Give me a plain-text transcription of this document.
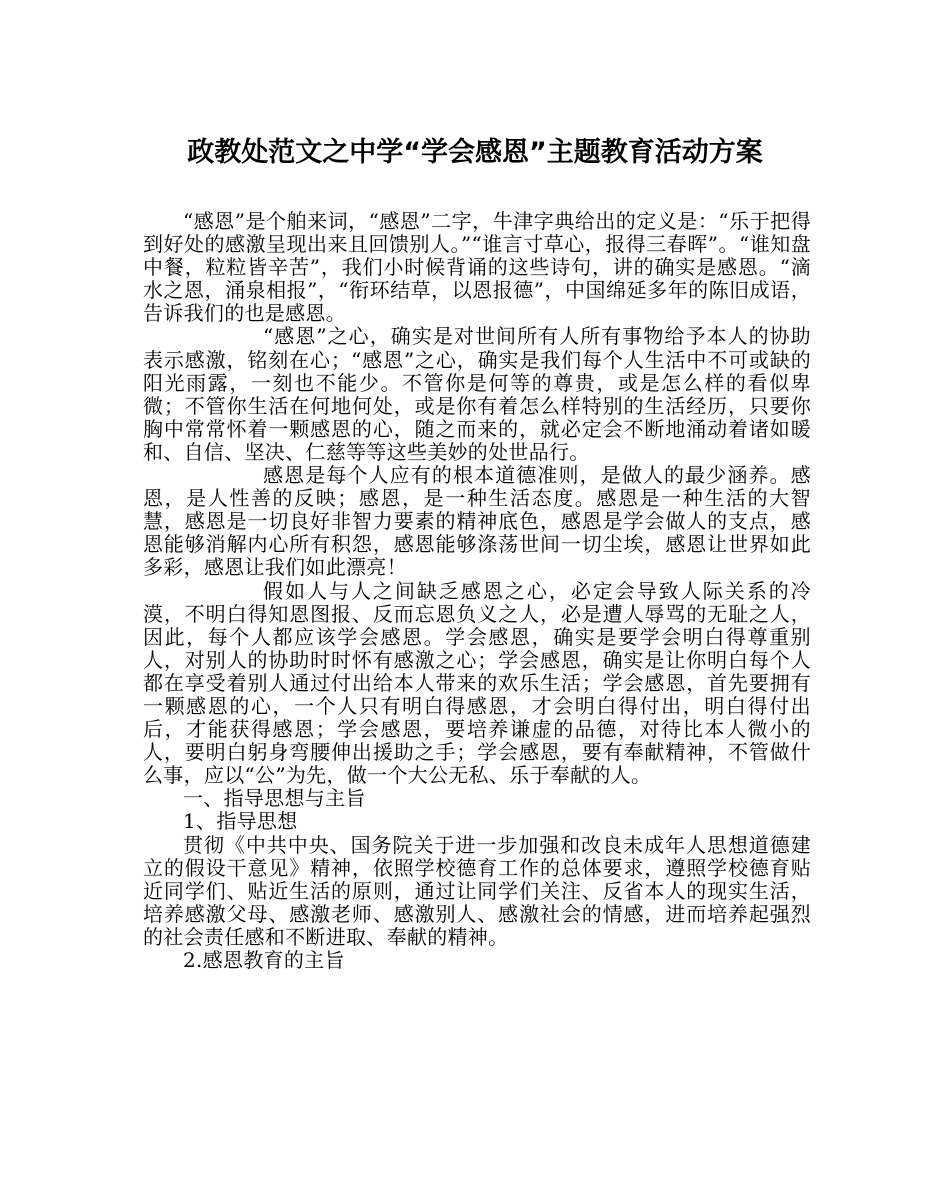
政教处范文之中学“学会感恩”主题教育活动方案

“感恩”是个舶来词，“感恩”二字，牛津字典给出的定义是：“乐于把得到好处的感激呈现出来且回馈别人。”“谁言寸草心，报得三春晖”。“谁知盘中餐，粒粒皆辛苦”，我们小时候背诵的这些诗句，讲的确实是感恩。“滴水之恩，涌泉相报”，“衔环结草，以恩报德”，中国绵延多年的陈旧成语，告诉我们的也是感恩。

“感恩”之心，确实是对世间所有人所有事物给予本人的协助表示感激，铭刻在心；“感恩”之心，确实是我们每个人生活中不可或缺的阳光雨露，一刻也不能少。不管你是何等的尊贵，或是怎么样的看似卑微；不管你生活在何地何处，或是你有着怎么样特别的生活经历，只要你胸中常常怀着一颗感恩的心，随之而来的，就必定会不断地涌动着诸如暖和、自信、坚决、仁慈等等这些美妙的处世品行。

感恩是每个人应有的根本道德准则，是做人的最少涵养。感恩，是人性善的反映；感恩，是一种生活态度。感恩是一种生活的大智慧，感恩是一切良好非智力要素的精神底色，感恩是学会做人的支点，感恩能够消解内心所有积怨，感恩能够涤荡世间一切尘埃，感恩让世界如此多彩，感恩让我们如此漂亮！

假如人与人之间缺乏感恩之心，必定会导致人际关系的冷漠，不明白得知恩图报、反而忘恩负义之人，必是遭人辱骂的无耻之人，因此，每个人都应该学会感恩。学会感恩，确实是要学会明白得尊重别人，对别人的协助时时怀有感激之心；学会感恩，确实是让你明白每个人都在享受着别人通过付出给本人带来的欢乐生活；学会感恩，首先要拥有一颗感恩的心，一个人只有明白得感恩，才会明白得付出，明白得付出后，才能获得感恩；学会感恩，要培养谦虚的品德，对待比本人微小的人，要明白躬身弯腰伸出援助之手；学会感恩，要有奉献精神，不管做什么事，应以“公”为先，做一个大公无私、乐于奉献的人。

一、指导思想与主旨

1、指导思想

贯彻《中共中央、国务院关于进一步加强和改良未成年人思想道德建立的假设干意见》精神，依照学校德育工作的总体要求，遵照学校德育贴近同学们、贴近生活的原则，通过让同学们关注、反省本人的现实生活，培养感激父母、感激老师、感激别人、感激社会的情感，进而培养起强烈的社会责任感和不断进取、奉献的精神。

2.感恩教育的主旨
